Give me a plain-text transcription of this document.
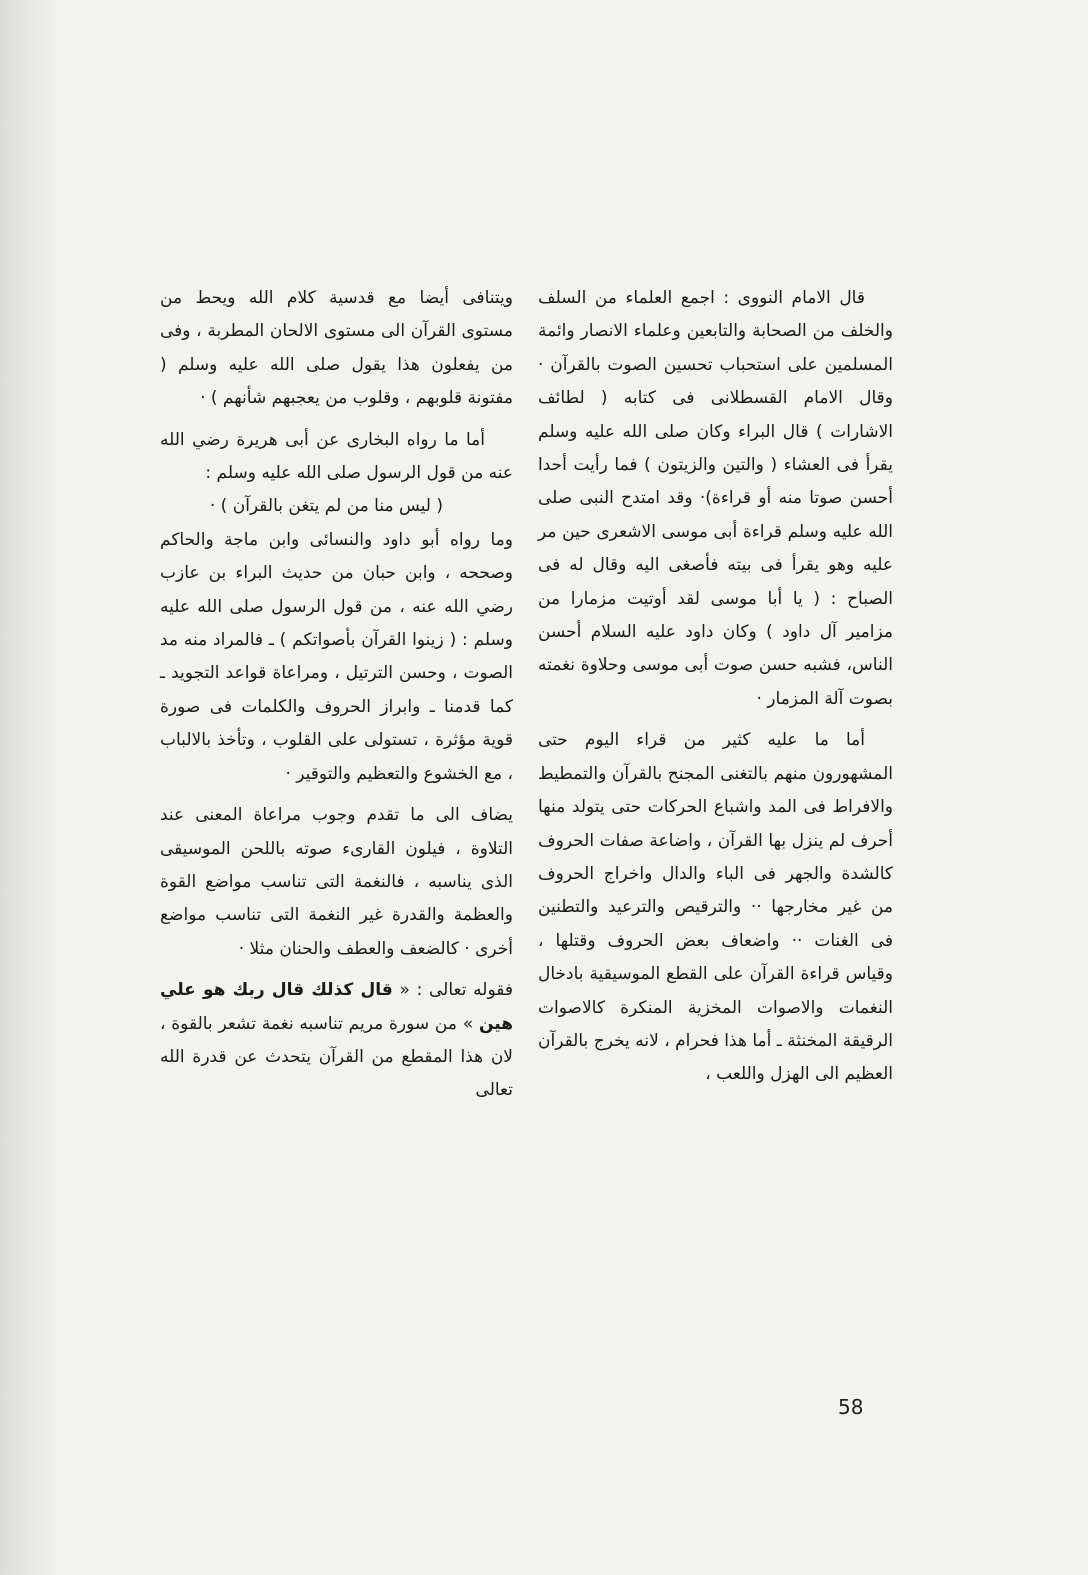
قال الامام النووى : اجمع العلماء من السلف والخلف من الصحابة والتابعين وعلماء الانصار وائمة المسلمين على استحباب تحسين الصوت بالقرآن · وقال الامام القسطلانى فى كتابه ( لطائف الاشارات ) قال البراء وكان صلى الله عليه وسلم يقرأ فى العشاء ( والتين والزيتون ) فما رأيت أحدا أحسن صوتا منه أو قراءة)· وقد امتدح النبى صلى الله عليه وسلم قراءة أبى موسى الاشعرى حين مر عليه وهو يقرأ فى بيته فأصغى اليه وقال له فى الصباح : ( يا أبا موسى لقد أوتيت مزمارا من مزامير آل داود ) وكان داود عليه السلام أحسن الناس، فشبه حسن صوت أبى موسى وحلاوة نغمته بصوت آلة المزمار ·

أما ما عليه كثير من قراء اليوم حتى المشهورون منهم بالتغنى المجنح بالقرآن والتمطيط والافراط فى المد واشباع الحركات حتى يتولد منها أحرف لم ينزل بها القرآن ، واضاعة صفات الحروف كالشدة والجهر فى الباء والدال واخراج الحروف من غير مخارجها ·· والترقيص والترعيد والتطنين فى الغنات ·· واضعاف بعض الحروف وقتلها ، وقياس قراءة القرآن على القطع الموسيقية بادخال النغمات والاصوات المخزية المنكرة كالاصوات الرقيقة المخنثة ـ أما هذا فحرام ، لانه يخرج بالقرآن العظيم الى الهزل واللعب ،

ويتنافى أيضا مع قدسية كلام الله ويحط من مستوى القرآن الى مستوى الالحان المطربة ، وفى من يفعلون هذا يقول صلى الله عليه وسلم ( مفتونة قلوبهم ، وقلوب من يعجبهم شأنهم ) ·

أما ما رواه البخارى عن أبى هريرة رضي الله عنه من قول الرسول صلى الله عليه وسلم :

( ليس منا من لم يتغن بالقرآن ) ·

وما رواه أبو داود والنسائى وابن ماجة والحاكم وصححه ، وابن حبان من حديث البراء بن عازب رضي الله عنه ، من قول الرسول صلى الله عليه وسلم : ( زينوا القرآن بأصواتكم ) ـ فالمراد منه مد الصوت ، وحسن الترتيل ، ومراعاة قواعد التجويد ـ كما قدمنا ـ وابراز الحروف والكلمات فى صورة قوية مؤثرة ، تستولى على القلوب ، وتأخذ بالالباب ، مع الخشوع والتعظيم والتوقير ·

يضاف الى ما تقدم وجوب مراعاة المعنى عند التلاوة ، فيلون القارىء صوته باللحن الموسيقى الذى يناسبه ، فالنغمة التى تناسب مواضع القوة والعظمة والقدرة غير النغمة التى تناسب مواضع أخرى · كالضعف والعطف والحنان مثلا ·

فقوله تعالى : « قال كذلك قال ربك هو علي هين » من سورة مريم تناسبه نغمة تشعر بالقوة ، لان هذا المقطع من القرآن يتحدث عن قدرة الله تعالى

58
